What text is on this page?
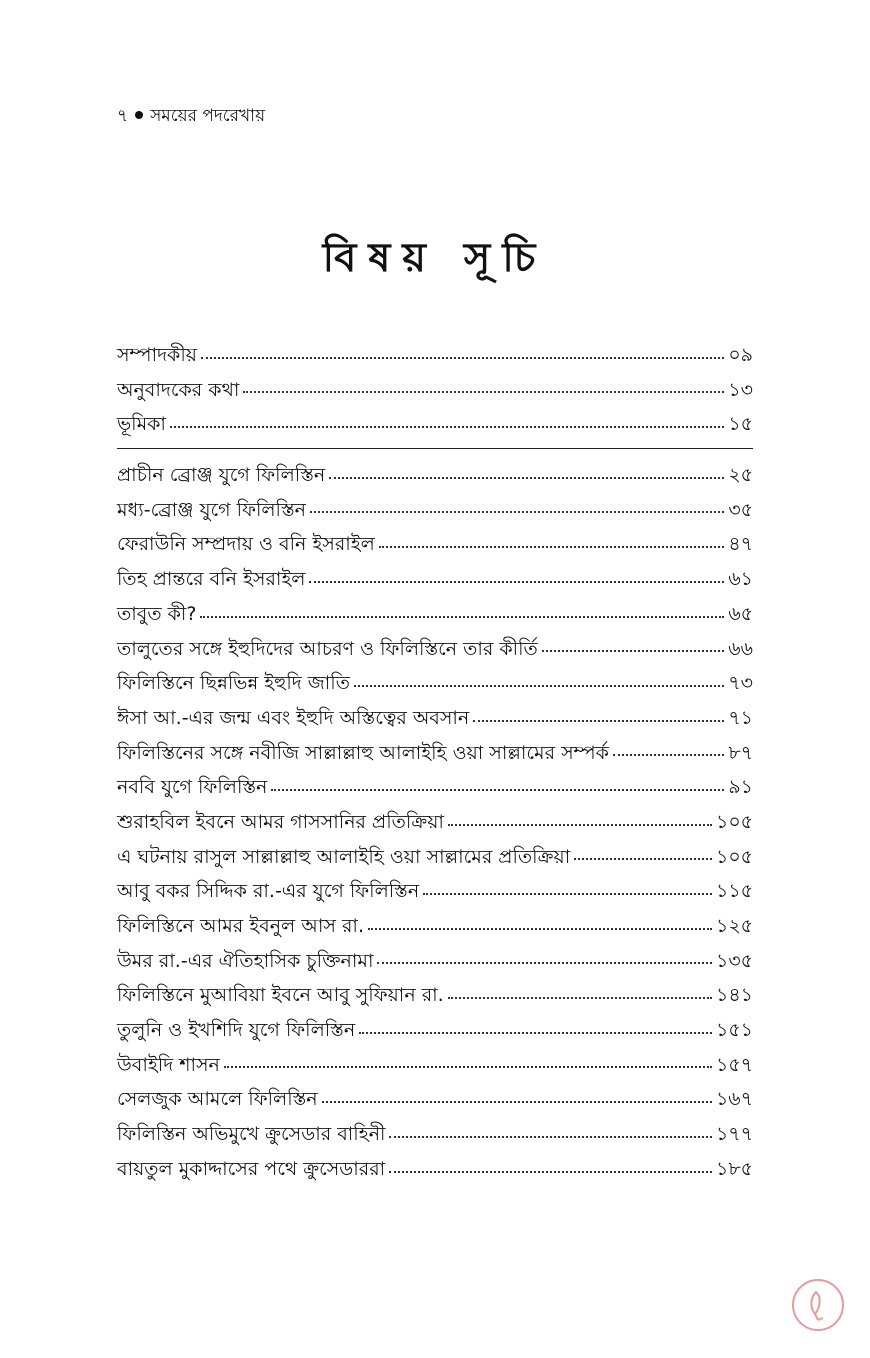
৭ সময়ের পদরেখায়
বিষয় সূচি
সম্পাদকীয়	০৯
অনুবাদকের কথা	১৩
ভূমিকা	১৫
প্রাচীন ব্রোঞ্জ যুগে ফিলিস্তিন	২৫
মধ্য-ব্রোঞ্জ যুগে ফিলিস্তিন	৩৫
ফেরাউনি সম্প্রদায় ও বনি ইসরাইল	৪৭
তিহ প্রান্তরে বনি ইসরাইল	৬১
তাবুত কী?	৬৫
তালুতের সঙ্গে ইহুদিদের আচরণ ও ফিলিস্তিনে তার কীর্তি	৬৬
ফিলিস্তিনে ছিন্নভিন্ন ইহুদি জাতি	৭৩
ঈসা আ.-এর জন্ম এবং ইহুদি অস্তিত্বের অবসান	৭১
ফিলিস্তিনের সঙ্গে নবীজি সাল্লাল্লাহু আলাইহি ওয়া সাল্লামের সম্পর্ক	৮৭
নববি যুগে ফিলিস্তিন	৯১
শুরাহবিল ইবনে আমর গাসসানির প্রতিক্রিয়া	১০৫
এ ঘটনায় রাসুল সাল্লাল্লাহু আলাইহি ওয়া সাল্লামের প্রতিক্রিয়া	১০৫
আবু বকর সিদ্দিক রা.-এর যুগে ফিলিস্তিন	১১৫
ফিলিস্তিনে আমর ইবনুল আস রা.	১২৫
উমর রা.-এর ঐতিহাসিক চুক্তিনামা	১৩৫
ফিলিস্তিনে মুআবিয়া ইবনে আবু সুফিয়ান রা.	১৪১
তুলুনি ও ইখশিদি যুগে ফিলিস্তিন	১৫১
উবাইদি শাসন	১৫৭
সেলজুক আমলে ফিলিস্তিন	১৬৭
ফিলিস্তিন অভিমুখে ক্রুসেডার বাহিনী	১৭৭
বায়তুল মুকাদ্দাসের পথে ক্রুসেডাররা	১৮৫
